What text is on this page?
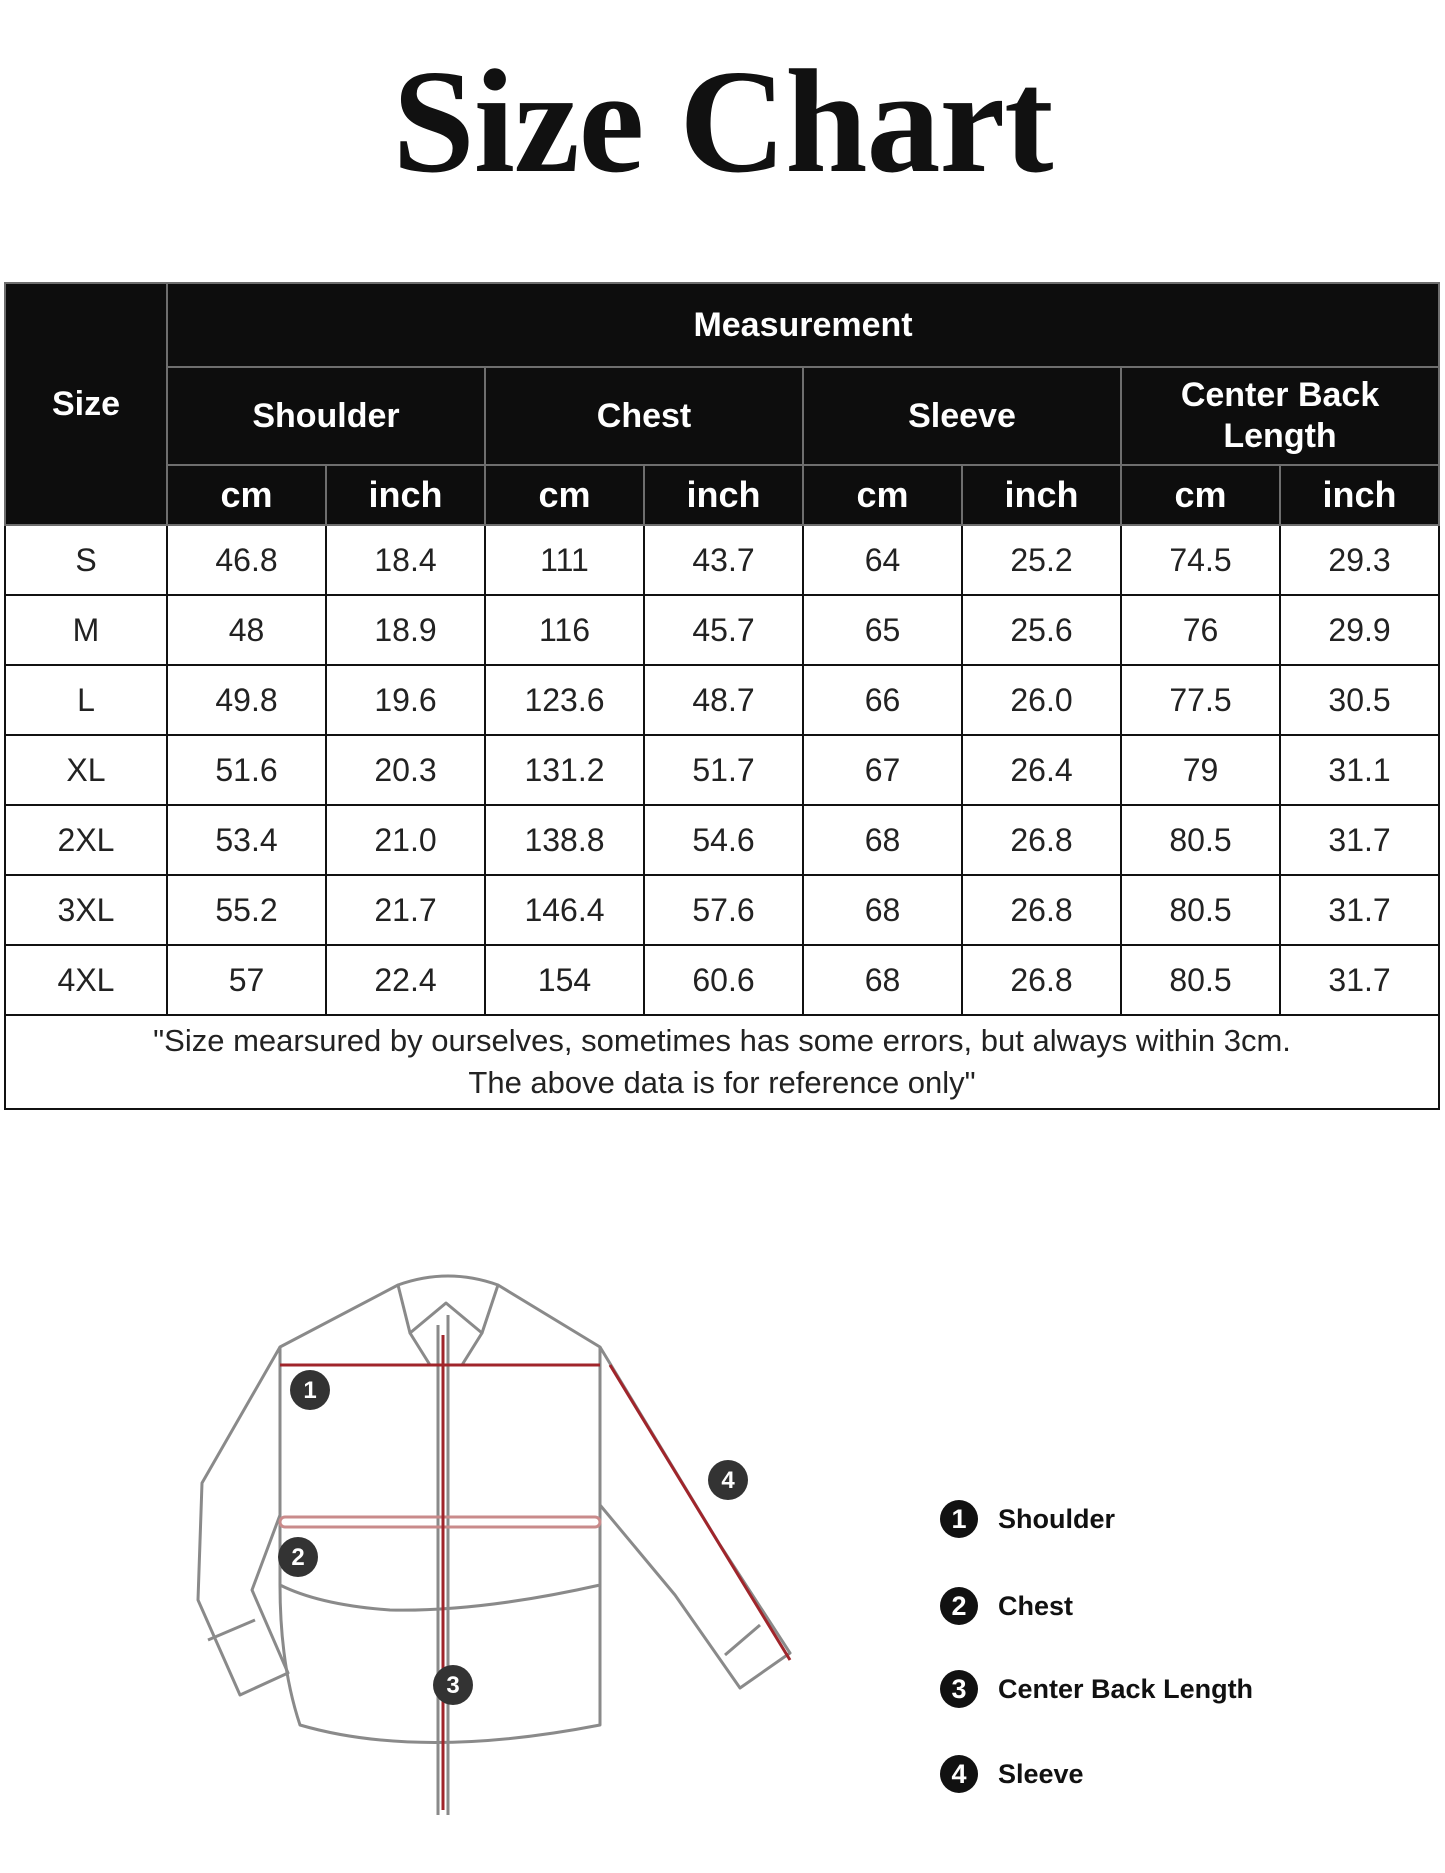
Size Chart
Size	Measurement							
	Shoulder		Chest		Sleeve		Center Back Length	
	cm	inch	cm	inch	cm	inch	cm	inch
S	46.8	18.4	111	43.7	64	25.2	74.5	29.3
M	48	18.9	116	45.7	65	25.6	76	29.9
L	49.8	19.6	123.6	48.7	66	26.0	77.5	30.5
XL	51.6	20.3	131.2	51.7	67	26.4	79	31.1
2XL	53.4	21.0	138.8	54.6	68	26.8	80.5	31.7
3XL	55.2	21.7	146.4	57.6	68	26.8	80.5	31.7
4XL	57	22.4	154	60.6	68	26.8	80.5	31.7

"Size mearsured by ourselves, sometimes has some errors, but always within 3cm.
The above data is for reference only"								
1
2
3
4
1	Shoulder
2	Chest
3	Center Back Length
4	Sleeve
